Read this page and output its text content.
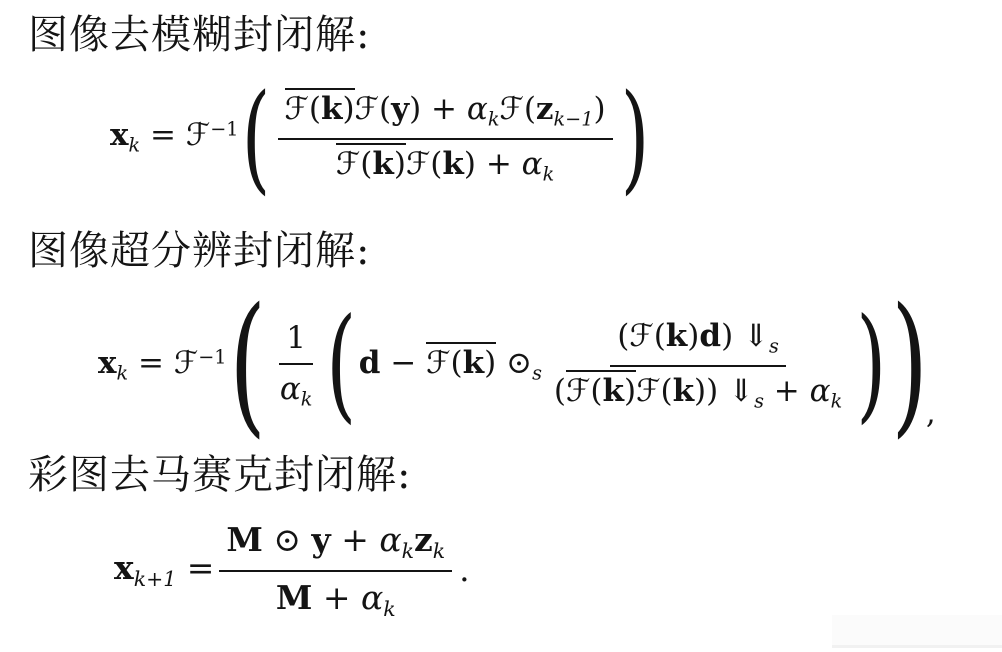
图像去模糊封闭解:
$x_k$ = ℱ$^{-1}$ ( $\frac{ℱ(k)ℱ(y) + \alpha_kℱ(z_{k-1})}{ℱ(k)ℱ(k) + \alpha_k}$ )
图像超分辨封闭解:
$x_k$ = ℱ$^{-1}$ ( $\frac{1}{\alpha_k}$ ( d − ℱ(k) $⊙_s \frac{(ℱ(k)d) ⇓_s}{(ℱ(k)ℱ(k)) ⇓_s + \alpha_k}$ ) )
,
彩图去马赛克封闭解:
$x_{k+1} = \frac{M ⊙ y + \alpha_kz_k}{M + \alpha_k}$ .
